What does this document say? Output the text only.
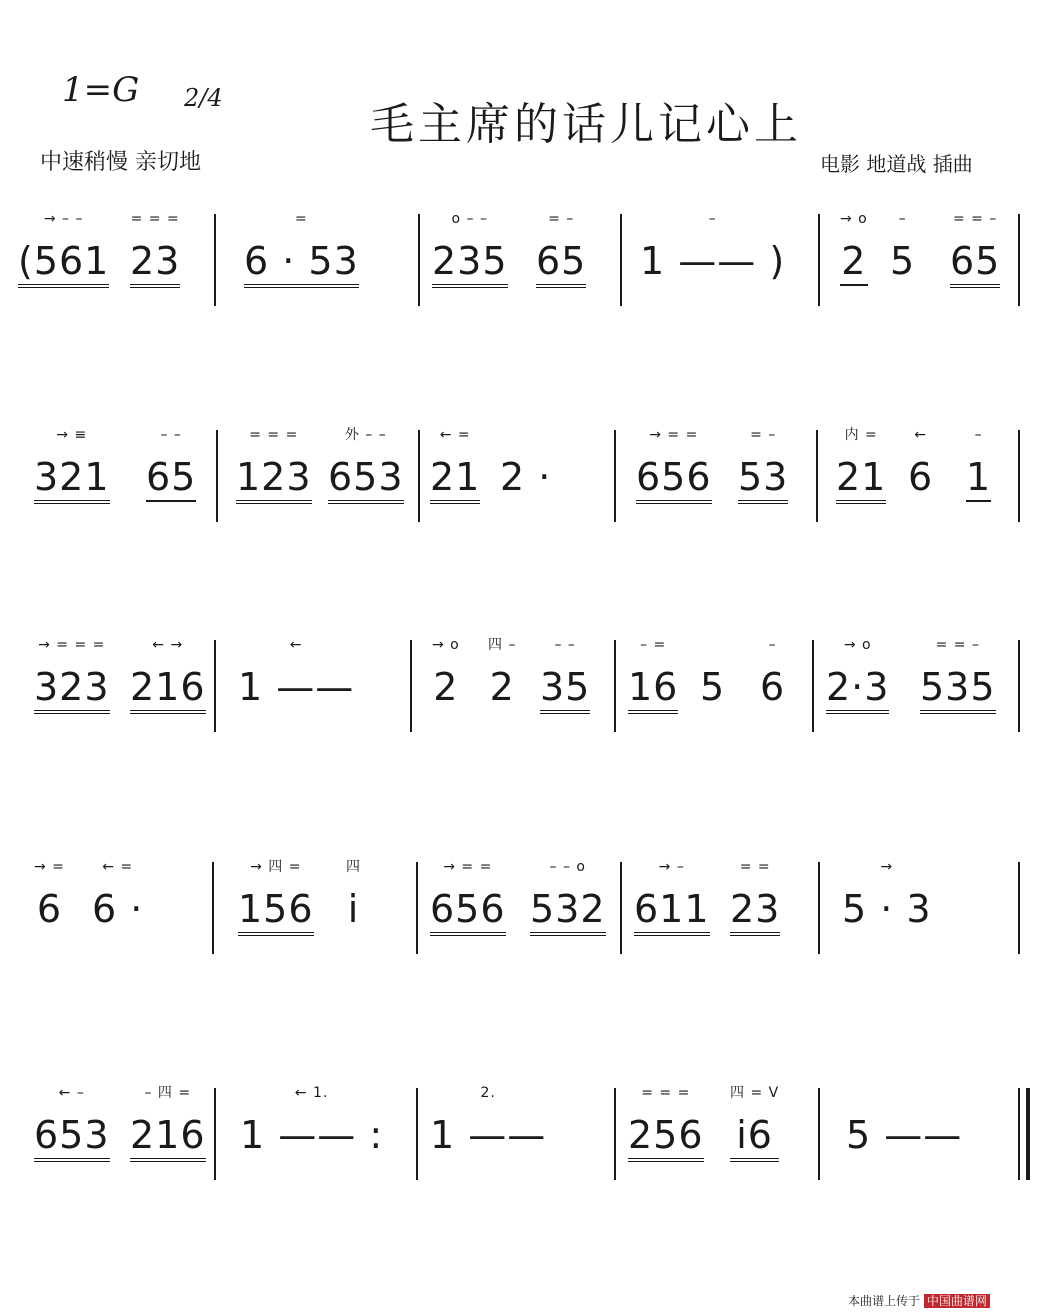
1=G 2/4
毛主席的话儿记心上
中速稍慢 亲切地	电影 地道战 插曲
→ – –
(561
= = =
23
=
6 · 53
o – –
235
= –
65
–
1 —— )
→ o
2
–
5
= = –
65
→ ≡
321
– –
65
= = =
123
外 – –
653
← =
21 2 ·
→ = =
656
= –
53
内 =
21
←
6
–
1
→ = = =
323
← →
216
←
1 ——
→ o
2
四 –
2
– –
35
– =
16 5
–
6
→ o
2·3
= = –
535
→ =
6
← =
6 ·
→ 四 =
156
四
i
→ = =
656
– – o
532
→ –
611
= =
23
→
5 · 3
← –
653
– 四 =
216
← 1.
1 —— :
2.
1 ——
= = =
256
四 = V
i6 5 ——
本曲谱上传于 中国曲谱网
